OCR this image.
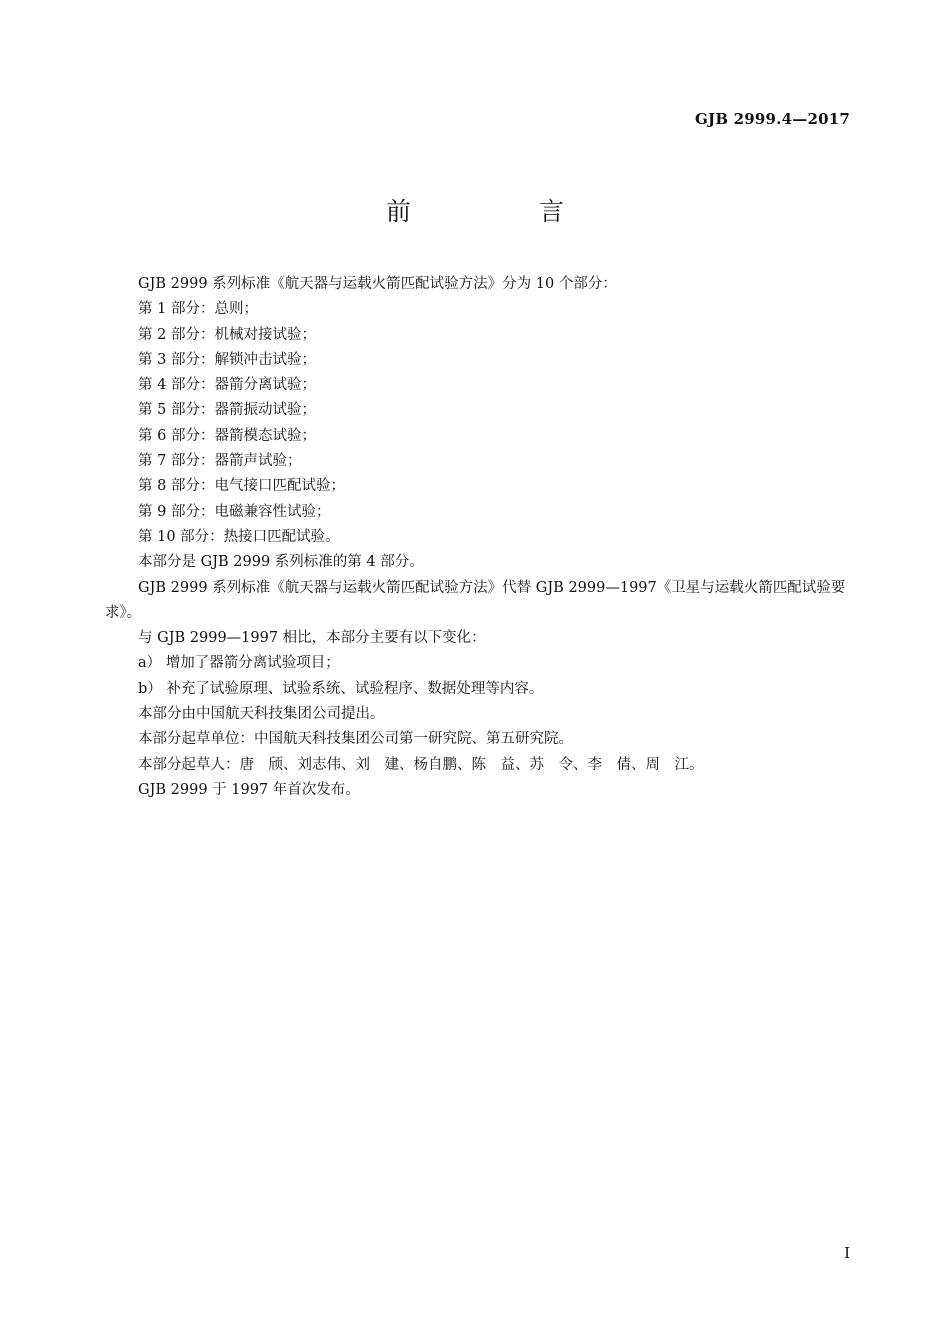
GJB 2999.4—2017
前 言

GJB 2999 系列标准《航天器与运载火箭匹配试验方法》分为 10 个部分：

第 1 部分：总则；

第 2 部分：机械对接试验；

第 3 部分：解锁冲击试验；

第 4 部分：器箭分离试验；

第 5 部分：器箭振动试验；

第 6 部分：器箭模态试验；

第 7 部分：器箭声试验；

第 8 部分：电气接口匹配试验；

第 9 部分：电磁兼容性试验；

第 10 部分：热接口匹配试验。

本部分是 GJB 2999 系列标准的第 4 部分。

GJB 2999 系列标准《航天器与运载火箭匹配试验方法》代替 GJB 2999—1997《卫星与运载火箭匹配试验要求》。

与 GJB 2999—1997 相比，本部分主要有以下变化：

a） 增加了器箭分离试验项目；

b） 补充了试验原理、试验系统、试验程序、数据处理等内容。

本部分由中国航天科技集团公司提出。

本部分起草单位：中国航天科技集团公司第一研究院、第五研究院。

本部分起草人：唐　颀、刘志伟、刘　建、杨自鹏、陈　益、苏　令、李　倩、周　江。

GJB 2999 于 1997 年首次发布。

I
